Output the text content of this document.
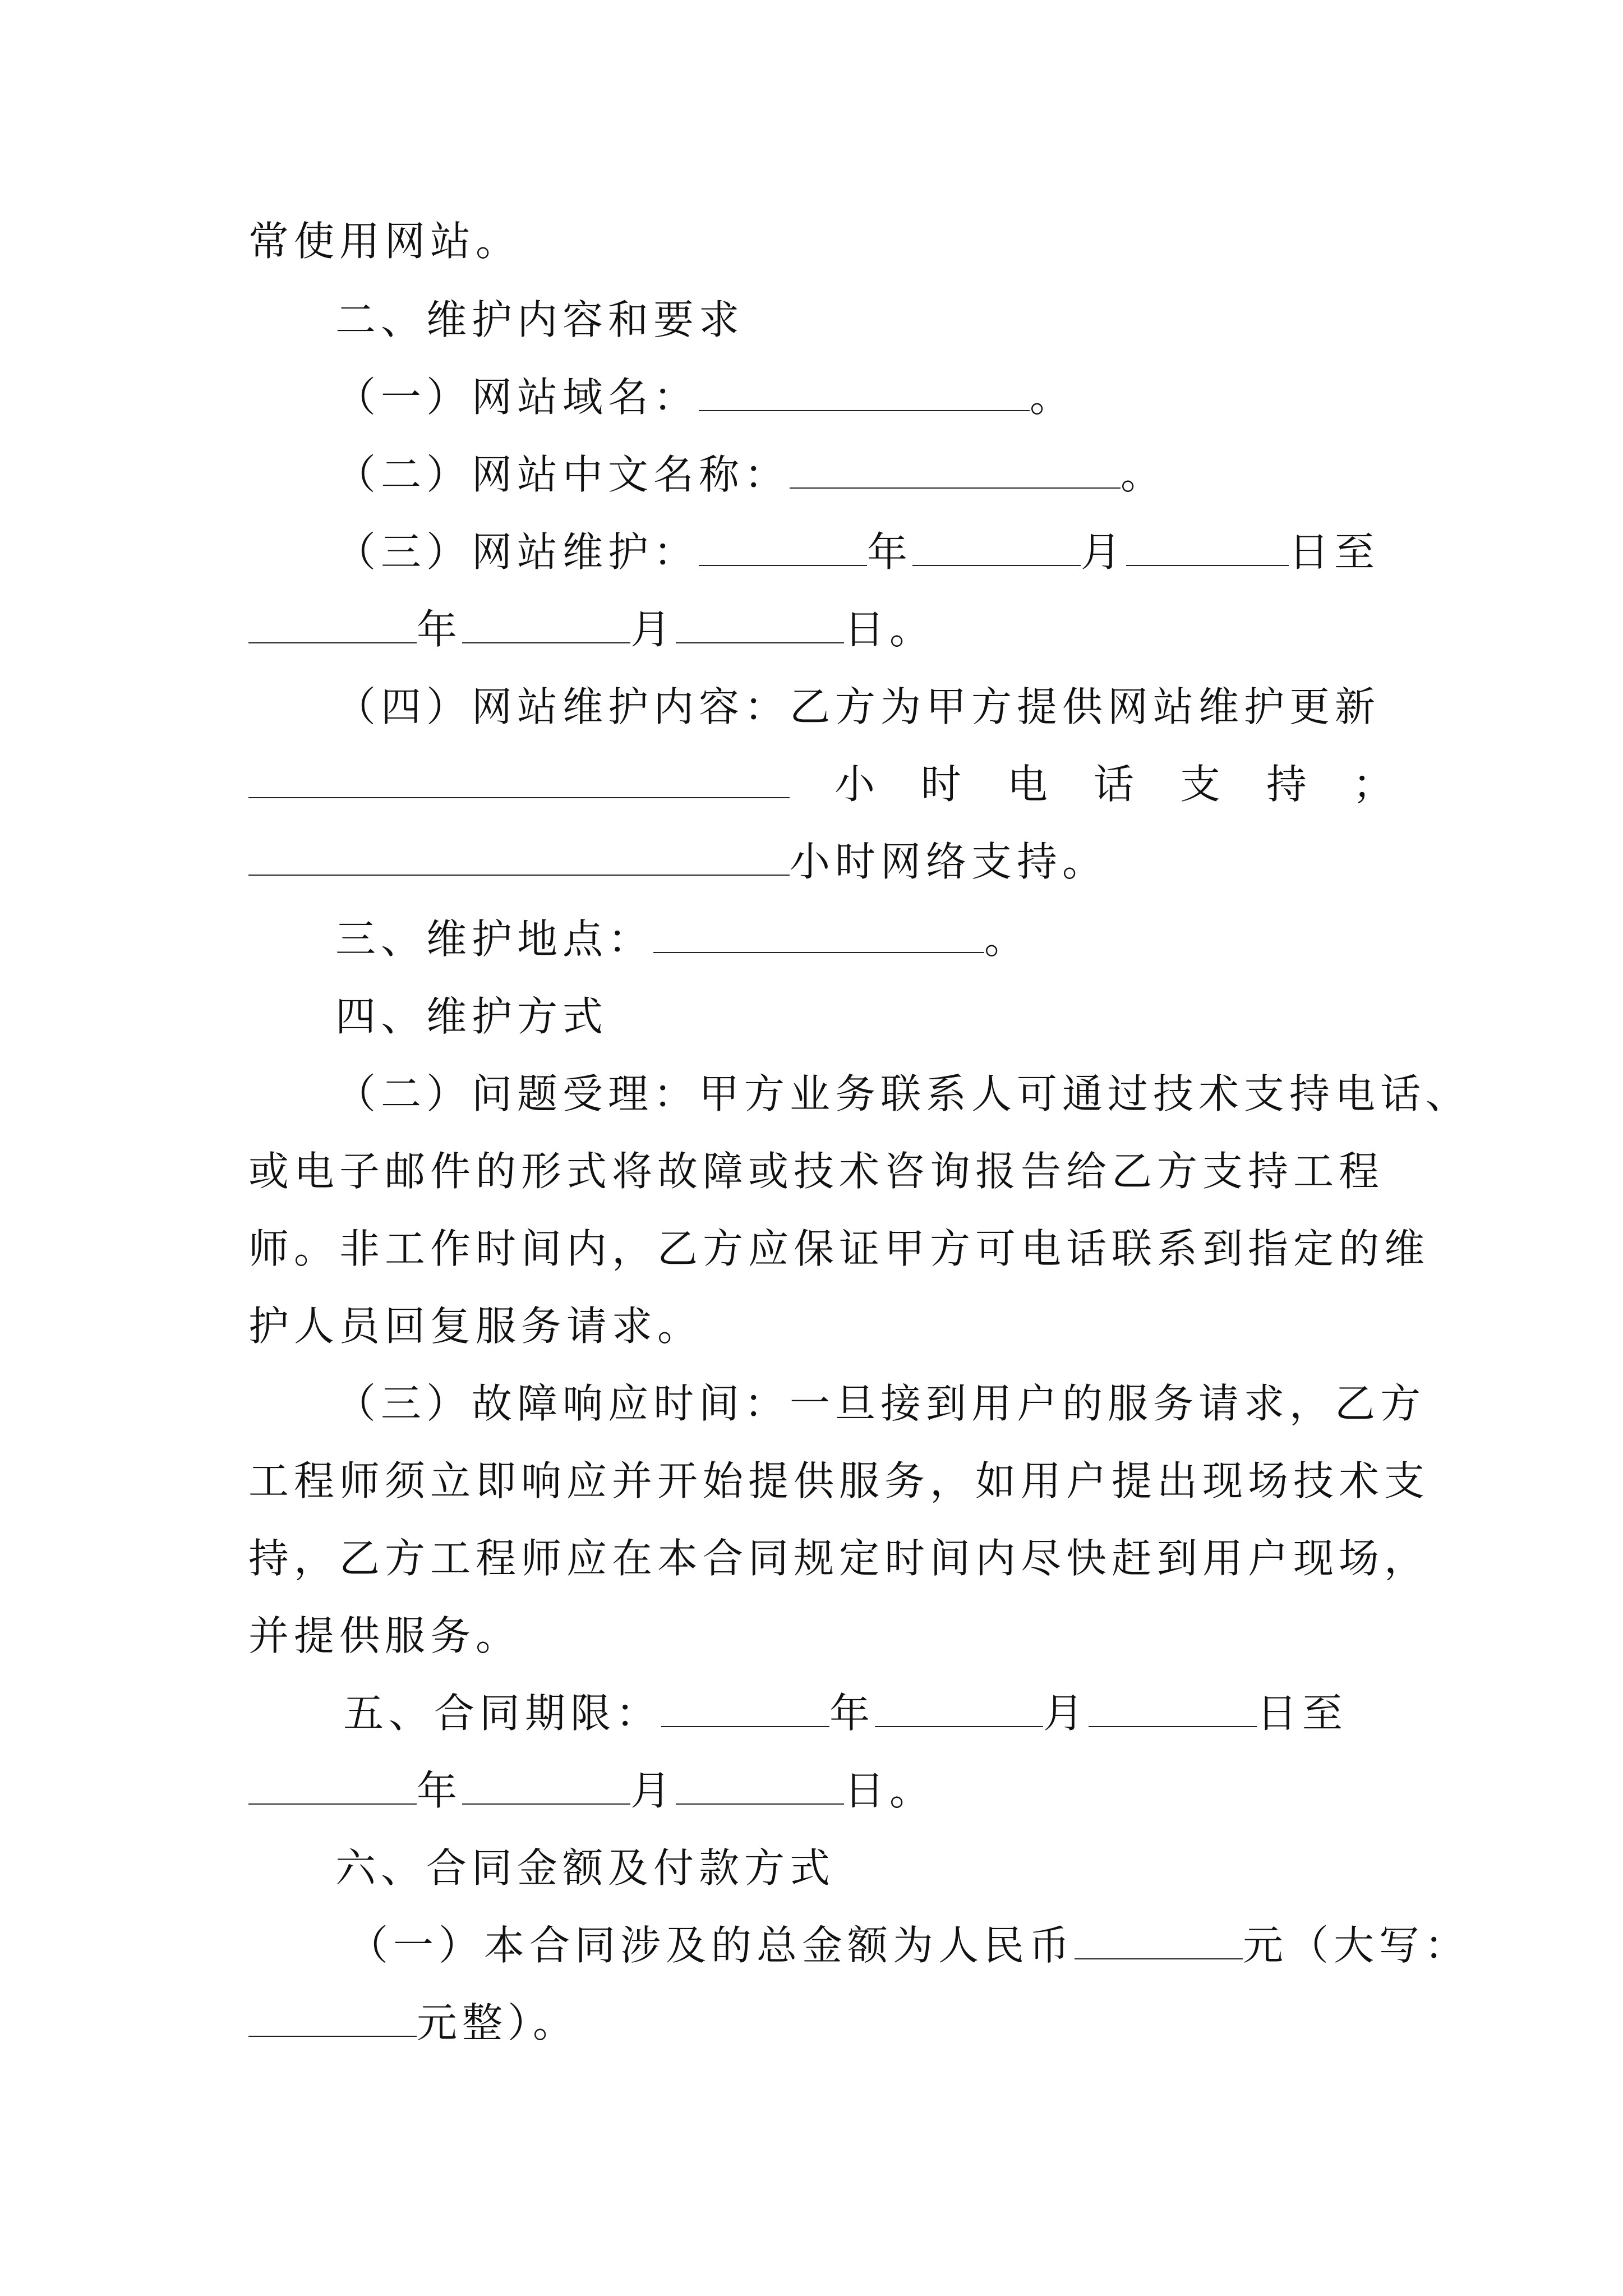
常使用网站。
二、维护内容和要求
（一）网站域名：	。
（二）网站中文名称：	。
（三）网站维护：	年	月	日至
年	月	日。
（四）网站维护内容：乙方为甲方提供网站维护更新
小时电话支持；
小时网络支持。
三、维护地点：	。
四、维护方式
（二）问题受理：甲方业务联系人可通过技术支持电话、
或电子邮件的形式将故障或技术咨询报告给乙方支持工程
师。非工作时间内，乙方应保证甲方可电话联系到指定的维
护人员回复服务请求。
（三）故障响应时间：一旦接到用户的服务请求，乙方
工程师须立即响应并开始提供服务，如用户提出现场技术支
持，乙方工程师应在本合同规定时间内尽快赶到用户现场，
并提供服务。
五、合同期限：	年	月	日至
年	月	日。
六、合同金额及付款方式
（一）本合同涉及的总金额为人民币	元（大写：
元整）。
